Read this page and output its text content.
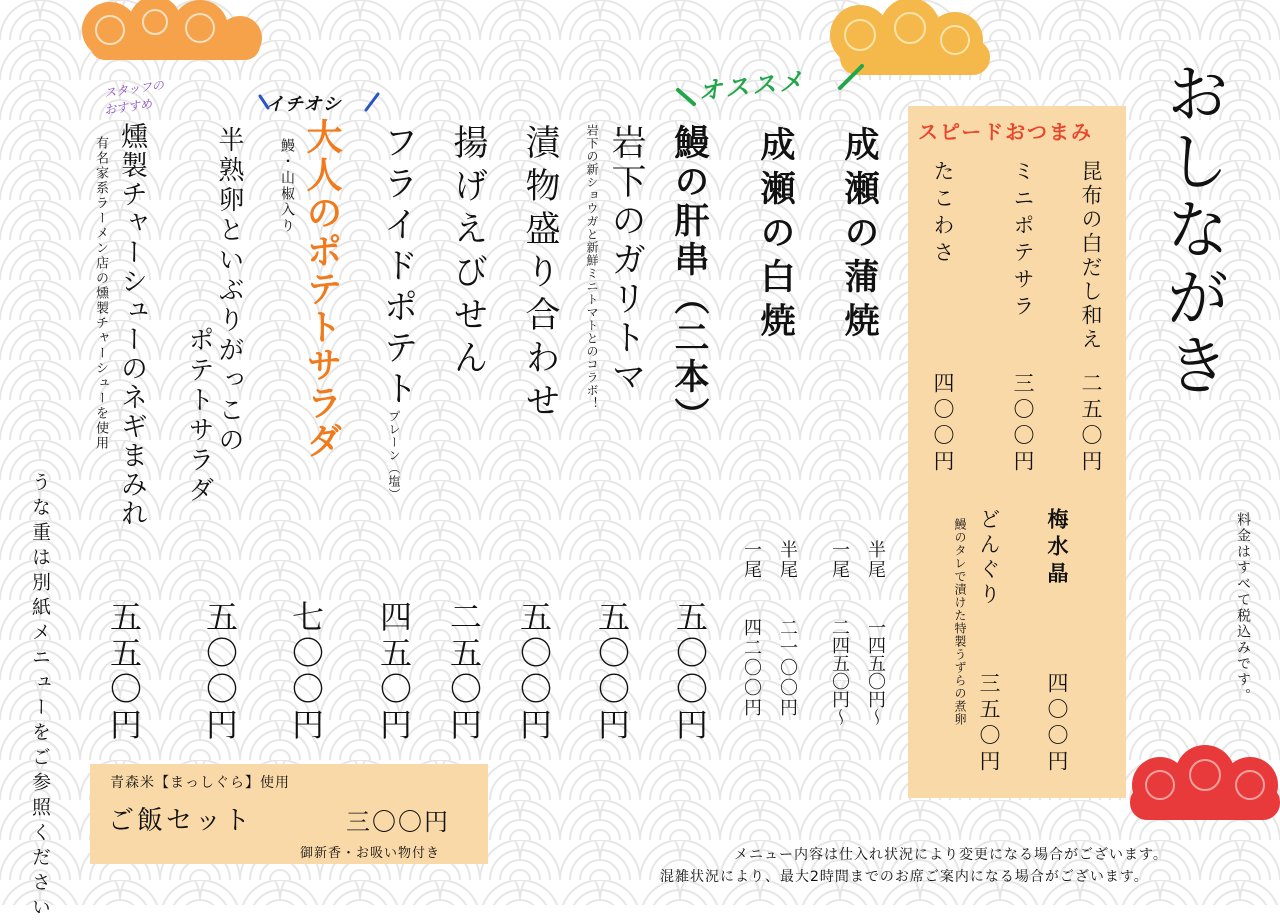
おしながき
料金はすべて税込みです。
スピードおつまみ
昆布の白だし和え
二五〇円
ミニポテサラ
三〇〇円
たこわさ
四〇〇円
梅水晶
四〇〇円
どんぐり
鰻のタレで漬けた特製うずらの煮卵 三五〇円
オススメ
成瀬の蒲焼
半尾
一四五〇円〜
一尾
二四五〇円〜
成瀬の白焼
半尾
二一〇〇円
一尾
四二〇〇円
鰻の肝串（二本）
五〇〇円
岩下のガリトマ
岩下の新ショウガと新鮮ミニトマトとのコラボ！
五〇〇円
漬物盛り合わせ
五〇〇円
揚げえびせん
二五〇円
フライドポテト
プレーン（塩）
四五〇円
イチオシ
大人のポテトサラダ
鰻・山椒入り
七〇〇円
半熟卵といぶりがっこの
ポテトサラダ
五〇〇円
スタッフの
おすすめ
燻製チャーシューのネギまみれ
有名家系ラーメン店の燻製チャーシューを使用
五五〇円
うな重は別紙メニューをご参照ください	青森米【まっしぐら】使用
ご飯セット	三〇〇円
御新香・お吸い物付き	メニュー内容は仕入れ状況により変更になる場合がございます。
混雑状況により、最大2時間までのお席ご案内になる場合がございます。
